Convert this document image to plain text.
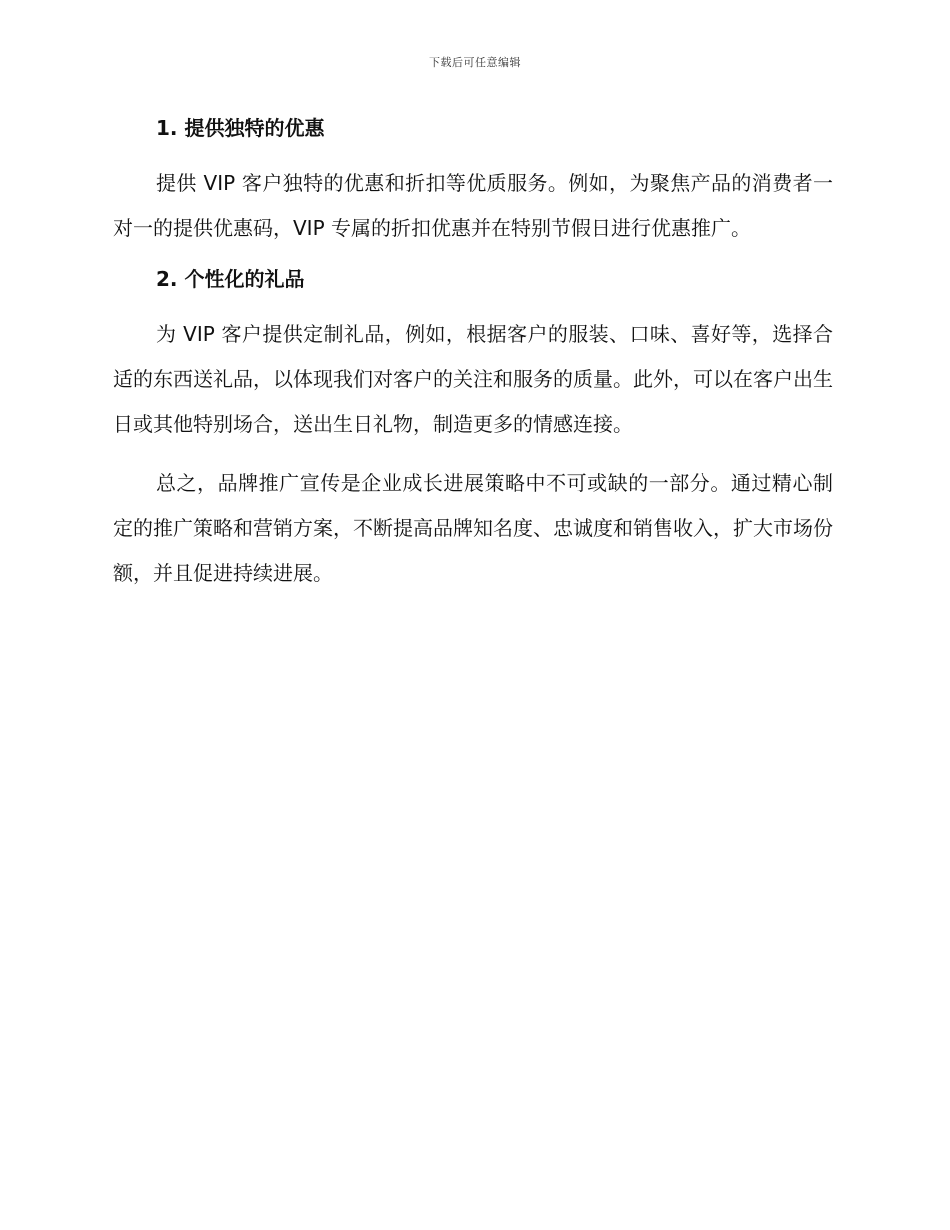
下载后可任意编辑
1. 提供独特的优惠

提供 VIP 客户独特的优惠和折扣等优质服务。例如，为聚焦产品的消费者一对一的提供优惠码，VIP 专属的折扣优惠并在特别节假日进行优惠推广。

2. 个性化的礼品

为 VIP 客户提供定制礼品，例如，根据客户的服装、口味、喜好等，选择合适的东西送礼品，以体现我们对客户的关注和服务的质量。此外，可以在客户出生日或其他特别场合，送出生日礼物，制造更多的情感连接。

总之，品牌推广宣传是企业成长进展策略中不可或缺的一部分。通过精心制定的推广策略和营销方案，不断提高品牌知名度、忠诚度和销售收入，扩大市场份额，并且促进持续进展。
